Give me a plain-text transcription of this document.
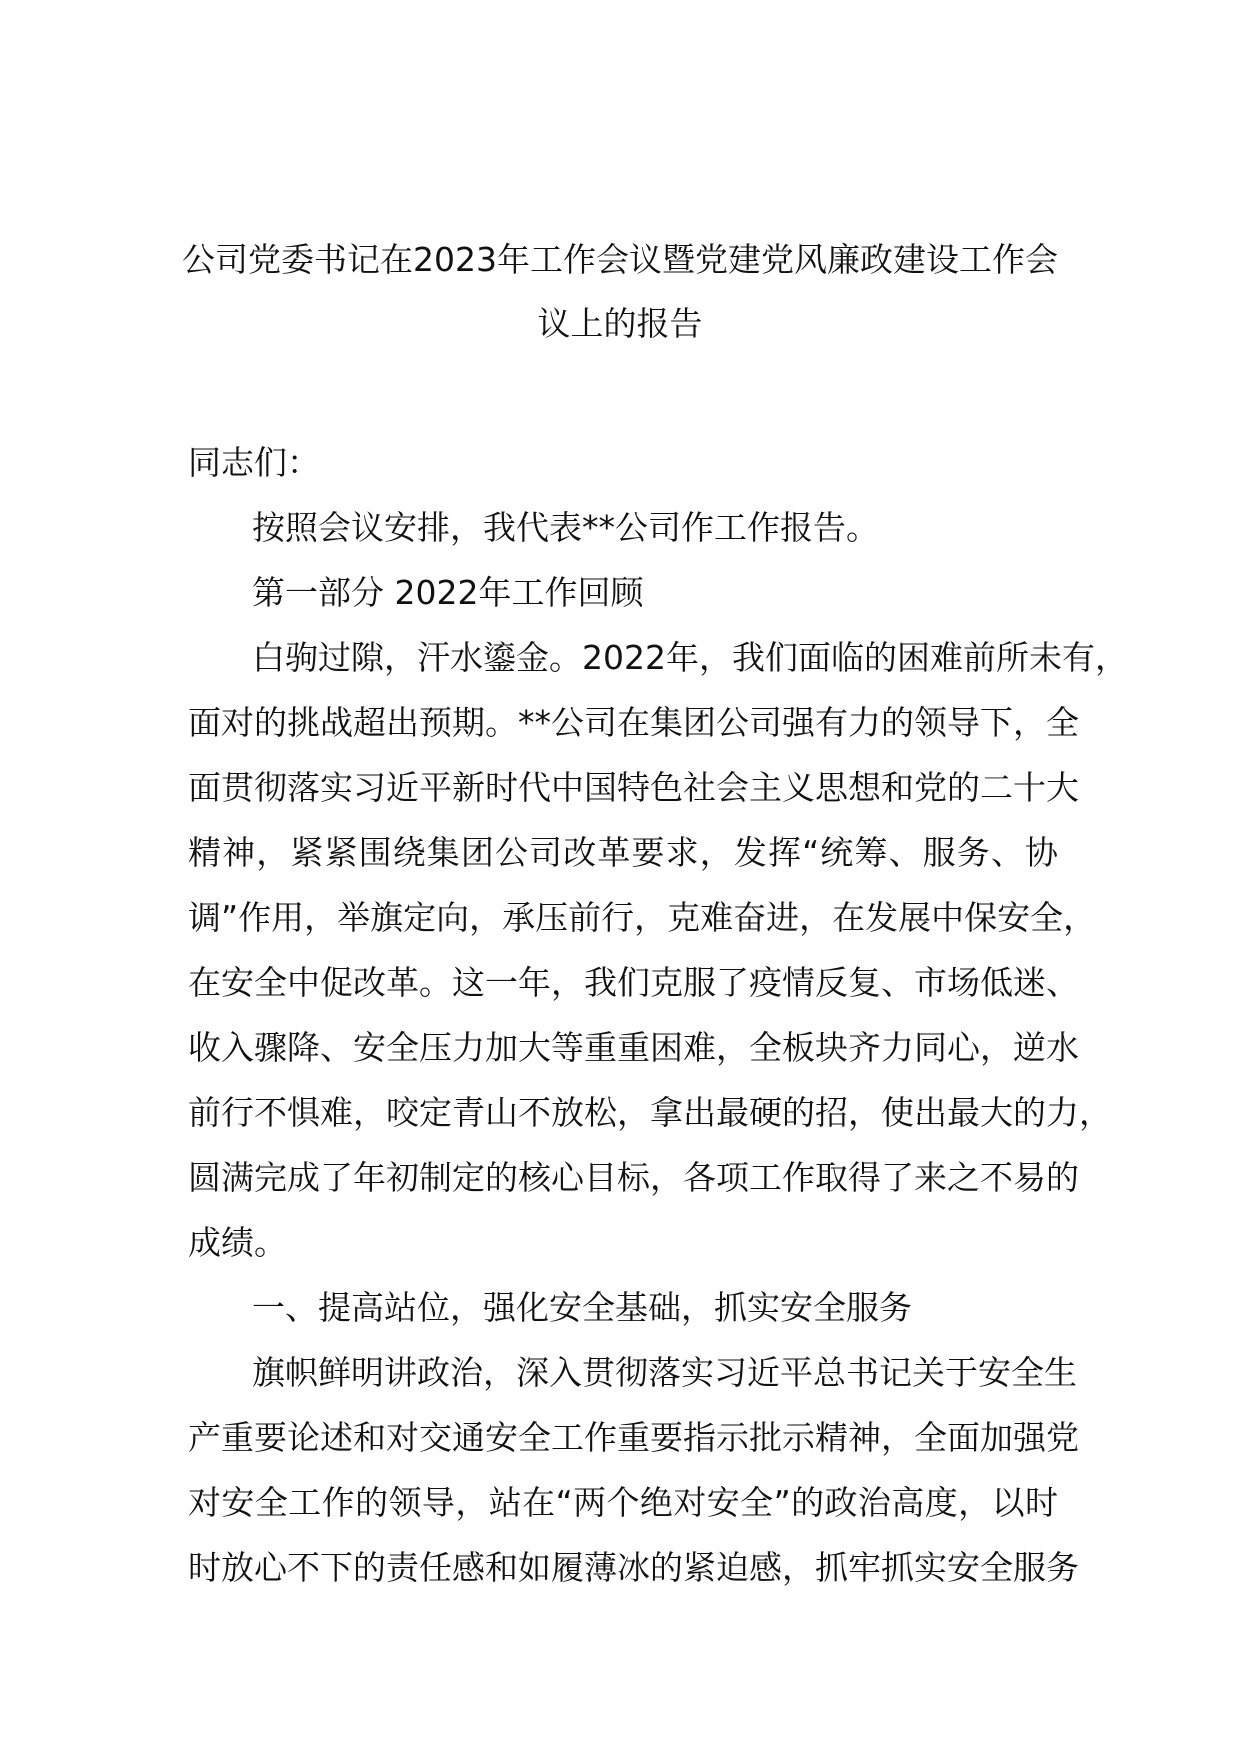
公司党委书记在2023年工作会议暨党建党风廉政建设工作会
议上的报告
同志们：
按照会议安排，我代表**公司作工作报告。
第一部分 2022年工作回顾
白驹过隙，汗水鎏金。2022年，我们面临的困难前所未有，
面对的挑战超出预期。**公司在集团公司强有力的领导下，全
面贯彻落实习近平新时代中国特色社会主义思想和党的二十大
精神，紧紧围绕集团公司改革要求，发挥“统筹、服务、协
调”作用，举旗定向，承压前行，克难奋进，在发展中保安全，
在安全中促改革。这一年，我们克服了疫情反复、市场低迷、
收入骤降、安全压力加大等重重困难，全板块齐力同心，逆水
前行不惧难，咬定青山不放松，拿出最硬的招，使出最大的力，
圆满完成了年初制定的核心目标，各项工作取得了来之不易的
成绩。
一、提高站位，强化安全基础，抓实安全服务
旗帜鲜明讲政治，深入贯彻落实习近平总书记关于安全生
产重要论述和对交通安全工作重要指示批示精神，全面加强党
对安全工作的领导，站在“两个绝对安全”的政治高度，以时
时放心不下的责任感和如履薄冰的紧迫感，抓牢抓实安全服务
